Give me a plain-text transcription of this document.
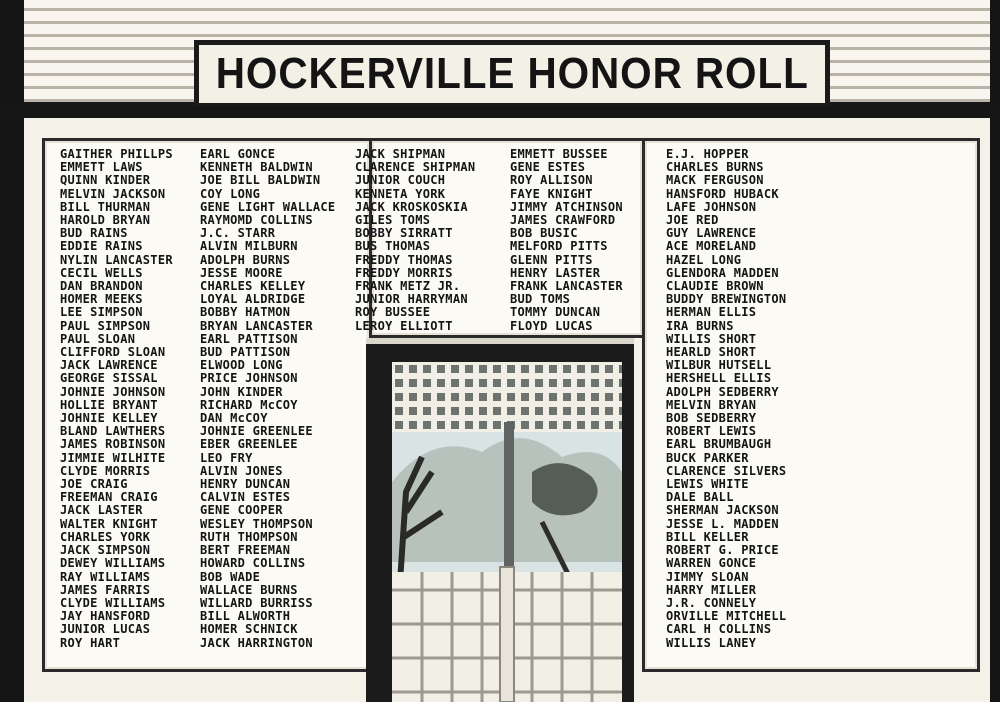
HOCKERVILLE HONOR ROLL
GAITHER PHILLPS
EMMETT LAWS
QUINN KINDER
MELVIN JACKSON
BILL THURMAN
HAROLD BRYAN
BUD RAINS
EDDIE RAINS
NYLIN LANCASTER
CECIL WELLS
DAN BRANDON
HOMER MEEKS
LEE SIMPSON
PAUL SIMPSON
PAUL SLOAN
CLIFFORD SLOAN
JACK LAWRENCE
GEORGE SISSAL
JOHNIE JOHNSON
HOLLIE BRYANT
JOHNIE KELLEY
BLAND LAWTHERS
JAMES ROBINSON
JIMMIE WILHITE
CLYDE MORRIS
JOE CRAIG
FREEMAN CRAIG
JACK LASTER
WALTER KNIGHT
CHARLES YORK
JACK SIMPSON
DEWEY WILLIAMS
RAY WILLIAMS
JAMES FARRIS
CLYDE WILLIAMS
JAY HANSFORD
JUNIOR LUCAS
ROY HART
EARL GONCE
KENNETH BALDWIN
JOE BILL BALDWIN
COY LONG
GENE LIGHT WALLACE
RAYMOMD COLLINS
J.C. STARR
ALVIN MILBURN
ADOLPH BURNS
JESSE MOORE
CHARLES KELLEY
LOYAL ALDRIDGE
BOBBY HATMON
BRYAN LANCASTER
EARL PATTISON
BUD PATTISON
ELWOOD LONG
PRICE JOHNSON
JOHN KINDER
RICHARD McCOY
DAN McCOY
JOHNIE GREENLEE
EBER GREENLEE
LEO FRY
ALVIN JONES
HENRY DUNCAN
CALVIN ESTES
GENE COOPER
WESLEY THOMPSON
RUTH THOMPSON
BERT FREEMAN
HOWARD COLLINS
BOB WADE
WALLACE BURNS
WILLARD BURRISS
BILL ALWORTH
HOMER SCHNICK
JACK HARRINGTON
JACK SHIPMAN
CLARENCE SHIPMAN
JUNIOR COUCH
KENNETA YORK
JACK KROSKOSKIA
GILES TOMS
BOBBY SIRRATT
BUS THOMAS
FREDDY THOMAS
FREDDY MORRIS
FRANK METZ JR.
JUNIOR HARRYMAN
ROY BUSSEE
LEROY ELLIOTT
EMMETT BUSSEE
GENE ESTES
ROY ALLISON
FAYE KNIGHT
JIMMY ATCHINSON
JAMES CRAWFORD
BOB BUSIC
MELFORD PITTS
GLENN PITTS
HENRY LASTER
FRANK LANCASTER
BUD TOMS
TOMMY DUNCAN
FLOYD LUCAS
E.J. HOPPER
CHARLES BURNS
MACK FERGUSON
HANSFORD HUBACK
LAFE JOHNSON
JOE RED
GUY LAWRENCE
ACE MORELAND
HAZEL LONG
GLENDORA MADDEN
CLAUDIE BROWN
BUDDY BREWINGTON
HERMAN ELLIS
IRA BURNS
WILLIS SHORT
HEARLD SHORT
WILBUR HUTSELL
HERSHELL ELLIS
ADOLPH SEDBERRY
MELVIN BRYAN
BOB SEDBERRY
ROBERT LEWIS
EARL BRUMBAUGH
BUCK PARKER
CLARENCE SILVERS
LEWIS WHITE
DALE BALL
SHERMAN JACKSON
JESSE L. MADDEN
BILL KELLER
ROBERT G. PRICE
WARREN GONCE
JIMMY SLOAN
HARRY MILLER
J.R. CONNELY
ORVILLE MITCHELL
CARL H COLLINS
WILLIS LANEY
